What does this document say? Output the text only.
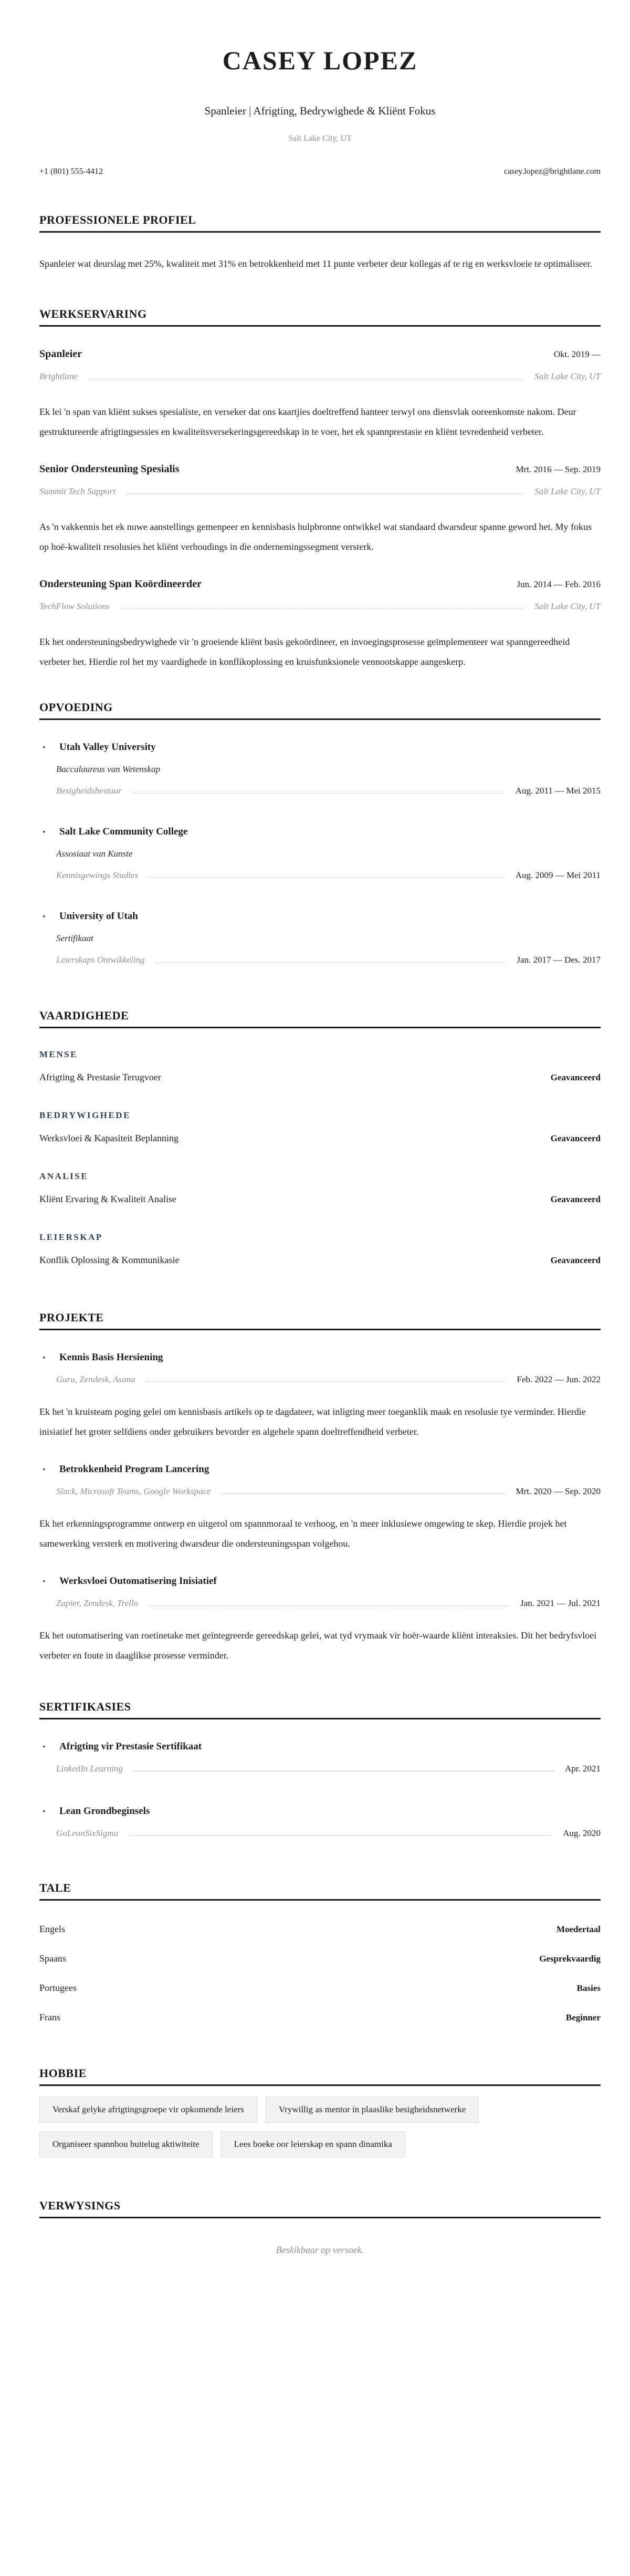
CASEY LOPEZ
Spanleier | Afrigting, Bedrywighede & Kliënt Fokus
Salt Lake City, UT
+1 (801) 555-4412	casey.lopez@brightlane.com
PROFESSIONELE PROFIEL

Spanleier wat deurslag met 25%, kwaliteit met 31% en betrokkenheid met 11 punte verbeter deur kollegas af te rig en werksvloeie te optimaliseer.

WERKSERVARING
Spanleier	Okt. 2019 —
Brightlane	Salt Lake City, UT

Ek lei 'n span van kliënt sukses spesialiste, en verseker dat ons kaartjies doeltreffend hanteer terwyl ons diensvlak ooreenkomste nakom. Deur gestruktureerde afrigtingsessies en kwaliteitsversekeringsgereedskap in te voer, het ek spannprestasie en kliënt tevredenheid verbeter.

Senior Ondersteuning Spesialis	Mrt. 2016 — Sep. 2019
Summit Tech Support	Salt Lake City, UT

As 'n vakkennis het ek nuwe aanstellings gemenpeer en kennisbasis hulpbronne ontwikkel wat standaard dwarsdeur spanne geword het. My fokus op hoë-kwaliteit resolusies het kliënt verhoudings in die ondernemingssegment versterk.

Ondersteuning Span Koördineerder	Jun. 2014 — Feb. 2016
TechFlow Solutions	Salt Lake City, UT

Ek het ondersteuningsbedrywighede vir 'n groeiende kliënt basis gekoördineer, en invoegingsprosesse geïmplementeer wat spanngereedheid verbeter het. Hierdie rol het my vaardighede in konflikoplossing en kruisfunksionele vennootskappe aangeskerp.

OPVOEDING
•	Utah Valley University
Baccalaureus van Wetenskap
Besigheidsbestuur	Aug. 2011 — Mei 2015
•	Salt Lake Community College
Assosiaat van Kunste
Kennisgewings Studies	Aug. 2009 — Mei 2011
•	University of Utah
Sertifikaat
Leierskaps Ontwikkeling	Jan. 2017 — Des. 2017
VAARDIGHEDE
MENSE
Afrigting & Prestasie Terugvoer	Geavanceerd
BEDRYWIGHEDE
Werksvloei & Kapasiteit Beplanning	Geavanceerd
ANALISE
Kliënt Ervaring & Kwaliteit Analise	Geavanceerd
LEIERSKAP
Konflik Oplossing & Kommunikasie	Geavanceerd
PROJEKTE
•	Kennis Basis Hersiening
Guru, Zendesk, Asana	Feb. 2022 — Jun. 2022

Ek het 'n kruisteam poging gelei om kennisbasis artikels op te dagdateer, wat inligting meer toeganklik maak en resolusie tye verminder. Hierdie inisiatief het groter selfdiens onder gebruikers bevorder en algehele spann doeltreffendheid verbeter.

•	Betrokkenheid Program Lancering
Slack, Microsoft Teams, Google Workspace	Mrt. 2020 — Sep. 2020

Ek het erkenningsprogramme ontwerp en uitgerol om spannmoraal te verhoog, en 'n meer inklusiewe omgewing te skep. Hierdie projek het samewerking versterk en motivering dwarsdeur die ondersteuningsspan volgehou.

•	Werksvloei Outomatisering Inisiatief
Zapier, Zendesk, Trello	Jan. 2021 — Jul. 2021

Ek het outomatisering van roetinetake met geïntegreerde gereedskap gelei, wat tyd vrymaak vir hoër-waarde kliënt interaksies. Dit het bedryfsvloei verbeter en foute in daaglikse prosesse verminder.

SERTIFIKASIES
•	Afrigting vir Prestasie Sertifikaat
LinkedIn Learning	Apr. 2021
•	Lean Grondbeginsels
GoLeanSixSigma	Aug. 2020
TALE
Engels	Moedertaal
Spaans	Gesprekvaardig
Portugees	Basies
Frans	Beginner
HOBBIE
Verskaf gelyke afrigtingsgroepe vir opkomende leiers	Vrywillig as mentor in plaaslike besigheidsnetwerke
Organiseer spannbou buitelug aktiwiteite	Lees boeke oor leierskap en spann dinamika
VERWYSINGS
Beskikbaar op versoek.
